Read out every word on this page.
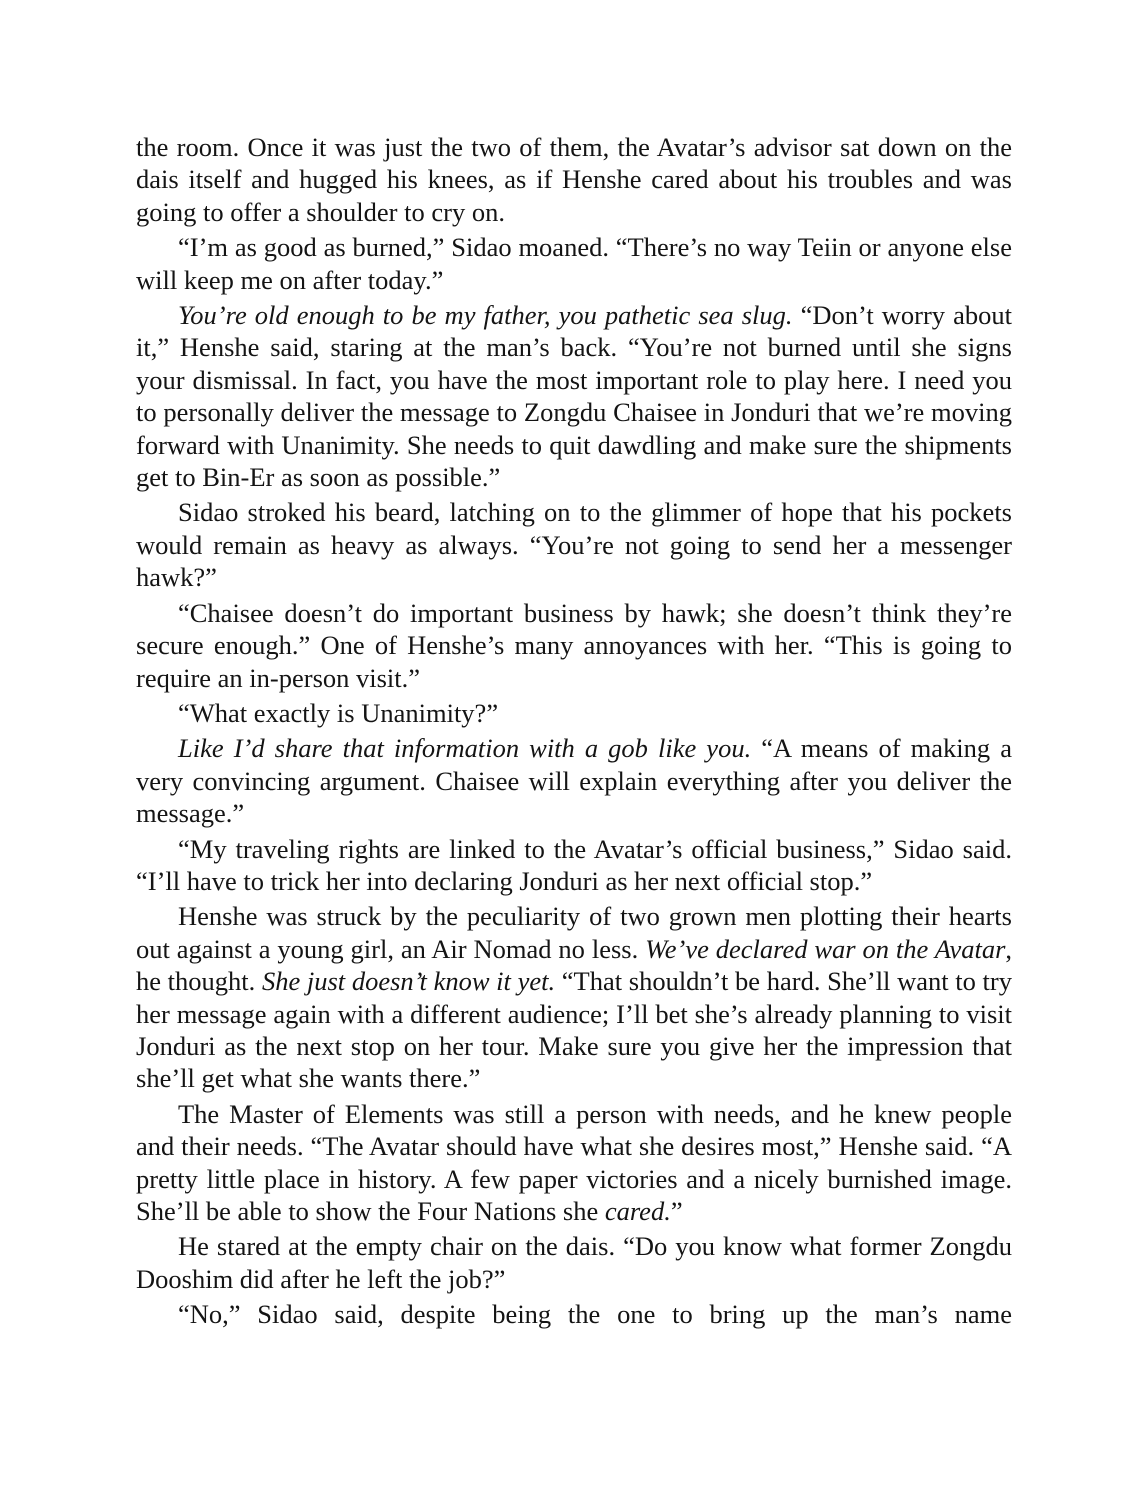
the room. Once it was just the two of them, the Avatar’s advisor sat down on the dais itself and hugged his knees, as if Henshe cared about his troubles and was going to offer a shoulder to cry on.

“I’m as good as burned,” Sidao moaned. “There’s no way Teiin or anyone else will keep me on after today.”

You’re old enough to be my father, you pathetic sea slug. “Don’t worry about it,” Henshe said, staring at the man’s back. “You’re not burned until she signs your dismissal. In fact, you have the most important role to play here. I need you to personally deliver the message to Zongdu Chaisee in Jonduri that we’re moving forward with Unanimity. She needs to quit dawdling and make sure the shipments get to Bin-Er as soon as possible.”

Sidao stroked his beard, latching on to the glimmer of hope that his pockets would remain as heavy as always. “You’re not going to send her a messenger hawk?”

“Chaisee doesn’t do important business by hawk; she doesn’t think they’re secure enough.” One of Henshe’s many annoyances with her. “This is going to require an in-person visit.”

“What exactly is Unanimity?”

Like I’d share that information with a gob like you. “A means of making a very convincing argument. Chaisee will explain everything after you deliver the message.”

“My traveling rights are linked to the Avatar’s official business,” Sidao said. “I’ll have to trick her into declaring Jonduri as her next official stop.”

Henshe was struck by the peculiarity of two grown men plotting their hearts out against a young girl, an Air Nomad no less. We’ve declared war on the Avatar, he thought. She just doesn’t know it yet. “That shouldn’t be hard. She’ll want to try her message again with a different audience; I’ll bet she’s already planning to visit Jonduri as the next stop on her tour. Make sure you give her the impression that she’ll get what she wants there.”

The Master of Elements was still a person with needs, and he knew people and their needs. “The Avatar should have what she desires most,” Henshe said. “A pretty little place in history. A few paper victories and a nicely burnished image. She’ll be able to show the Four Nations she cared.”

He stared at the empty chair on the dais. “Do you know what former Zongdu Dooshim did after he left the job?”

“No,” Sidao said, despite being the one to bring up the man’s name
